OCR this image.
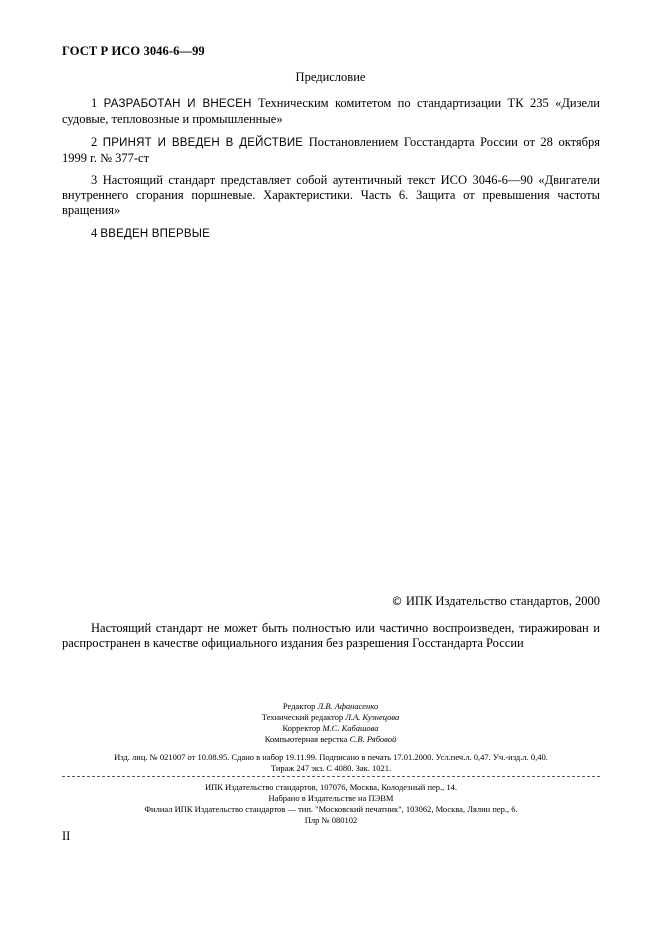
ГОСТ Р ИСО 3046-6—99
Предисловие
1 РАЗРАБОТАН И ВНЕСЕН Техническим комитетом по стандартизации ТК 235 «Дизели судовые, тепловозные и промышленные»
2 ПРИНЯТ И ВВЕДЕН В ДЕЙСТВИЕ Постановлением Госстандарта России от 28 октября 1999 г. № 377-ст
3 Настоящий стандарт представляет собой аутентичный текст ИСО 3046-6—90 «Двигатели внутреннего сгорания поршневые. Характеристики. Часть 6. Защита от превышения частоты вращения»
4 ВВЕДЕН ВПЕРВЫЕ
© ИПК Издательство стандартов, 2000
Настоящий стандарт не может быть полностью или частично воспроизведен, тиражирован и распространен в качестве официального издания без разрешения Госстандарта России
Редактор Л.В. Афанасенко
Технический редактор Л.А. Кузнецова
Корректор М.С. Кабашова
Компьютерная верстка С.В. Рябовой
Изд. лиц. № 021007 от 10.08.95. Сдано в набор 19.11.99. Подписано в печать 17.01.2000. Усл.печ.л. 0,47. Уч.-изд.л. 0,40.
Тираж 247 экз. С 4080. Зак. 1021.
ИПК Издательство стандартов, 107076, Москва, Колодезный пер., 14.
Набрано в Издательстве на ПЭВМ
Филиал ИПК Издательство стандартов — тип. "Московский печатник", 103062, Москва, Лялин пер., 6.
Плр № 080102
II
